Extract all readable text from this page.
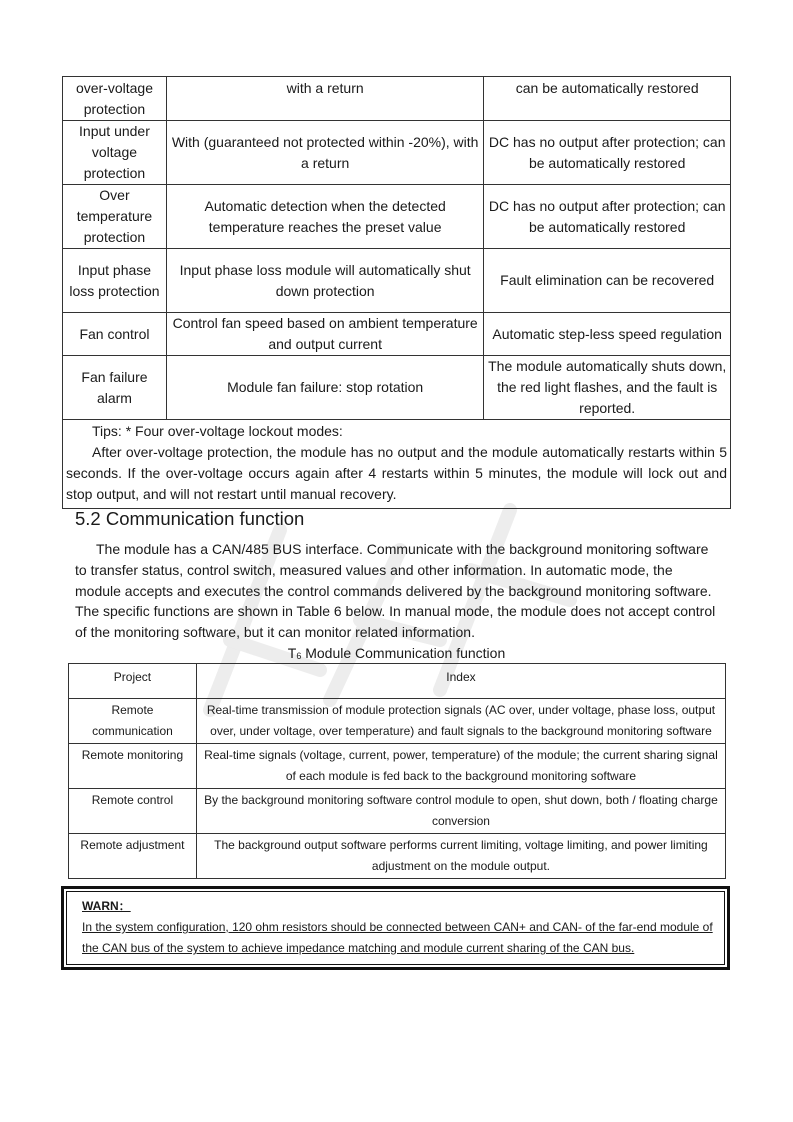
over-voltage protection	with a return	can be automatically restored
Input under voltage protection	With (guaranteed not protected within -20%), with a return	DC has no output after protection; can be automatically restored
Over temperature protection	Automatic detection when the detected temperature reaches the preset value	DC has no output after protection; can be automatically restored
Input phase loss protection	Input phase loss module will automatically shut down protection	Fault elimination can be recovered
Fan control	Control fan speed based on ambient temperature and output current	Automatic step-less speed regulation
Fan failure alarm	Module fan failure: stop rotation	The module automatically shuts down, the red light flashes, and the fault is reported.

Tips: * Four over-voltage lockout modes:

After over-voltage protection, the module has no output and the module automatically restarts within 5 seconds. If the over-voltage occurs again after 4 restarts within 5 minutes, the module will lock out and stop output, and will not restart until manual recovery.		

5.2 Communication function

The module has a CAN/485 BUS interface. Communicate with the background monitoring software to transfer status, control switch, measured values and other information. In automatic mode, the module accepts and executes the control commands delivered by the background monitoring software. The specific functions are shown in Table 6 below. In manual mode, the module does not accept control of the monitoring software, but it can monitor related information.

$T_6$ Module Communication function
Project	Index
Remote communication	Real-time transmission of module protection signals (AC over, under voltage, phase loss, output over, under voltage, over temperature) and fault signals to the background monitoring software
Remote monitoring	Real-time signals (voltage, current, power, temperature) of the module; the current sharing signal of each module is fed back to the background monitoring software
Remote control	By the background monitoring software control module to open, shut down, both / floating charge conversion
Remote adjustment	The background output software performs current limiting, voltage limiting, and power limiting adjustment on the module output.
WARN：
In the system configuration, 120 ohm resistors should be connected between CAN+ and CAN- of the far-end module of the CAN bus of the system to achieve impedance matching and module current sharing of the CAN bus.
